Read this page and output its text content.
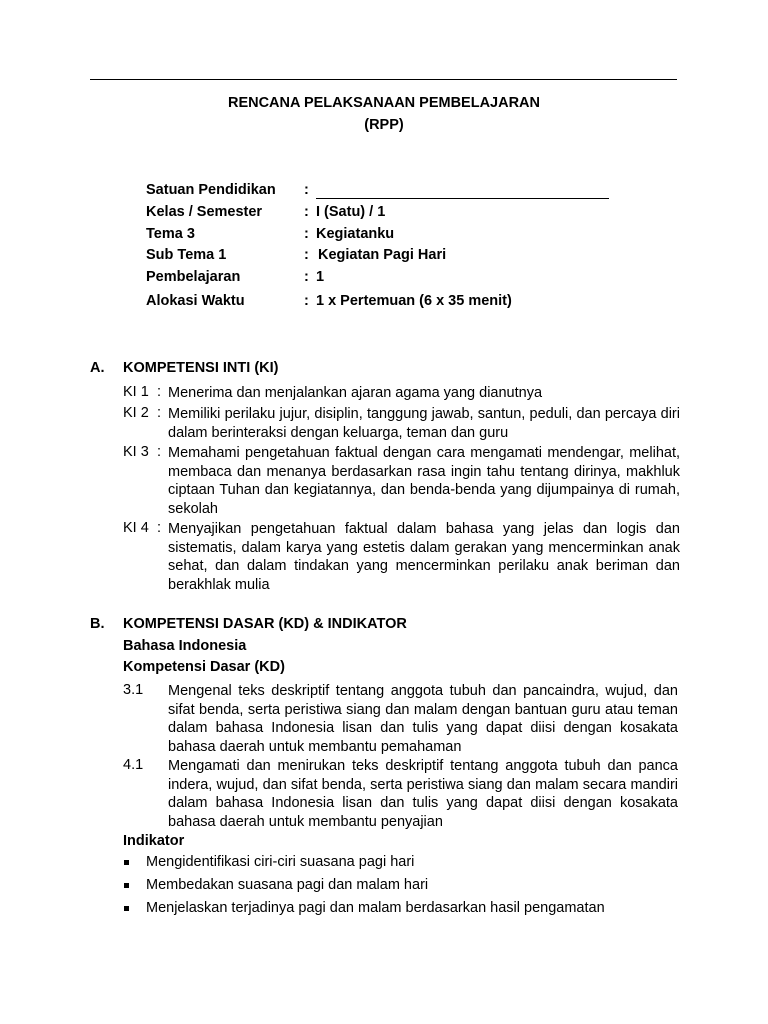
RENCANA PELAKSANAAN PEMBELAJARAN
(RPP)
Satuan Pendidikan :
Kelas / Semester	: I (Satu) / 1
Tema 3	: Kegiatanku
Sub Tema 1	: Kegiatan Pagi Hari
Pembelajaran	: 1
Alokasi Waktu	: 1 x Pertemuan (6 x 35 menit)
A. KOMPETENSI INTI (KI)
KI 1 : Menerima dan menjalankan ajaran agama yang dianutnya
KI 2 : Memiliki perilaku jujur, disiplin, tanggung jawab, santun, peduli, dan percaya diri dalam berinteraksi dengan keluarga, teman dan guru
KI 3 : Memahami pengetahuan faktual dengan cara mengamati mendengar, melihat, membaca dan menanya berdasarkan rasa ingin tahu tentang dirinya, makhluk ciptaan Tuhan dan kegiatannya, dan benda-benda yang dijumpainya di rumah, sekolah
KI 4 : Menyajikan pengetahuan faktual dalam bahasa yang jelas dan logis dan sistematis, dalam karya yang estetis dalam gerakan yang mencerminkan anak sehat, dan dalam tindakan yang mencerminkan perilaku anak beriman dan berakhlak mulia
B. KOMPETENSI DASAR (KD) & INDIKATOR
Bahasa Indonesia
Kompetensi Dasar (KD)
3.1 Mengenal teks deskriptif tentang anggota tubuh dan pancaindra, wujud, dan sifat benda, serta peristiwa siang dan malam dengan bantuan guru atau teman dalam bahasa Indonesia lisan dan tulis yang dapat diisi dengan kosakata bahasa daerah untuk membantu pemahaman
4.1 Mengamati dan menirukan teks deskriptif tentang anggota tubuh dan panca indera, wujud, dan sifat benda, serta peristiwa siang dan malam secara mandiri dalam bahasa Indonesia lisan dan tulis yang dapat diisi dengan kosakata bahasa daerah untuk membantu penyajian
Indikator
Mengidentifikasi ciri-ciri suasana pagi hari
Membedakan suasana pagi dan malam hari
Menjelaskan terjadinya pagi dan malam berdasarkan hasil pengamatan
